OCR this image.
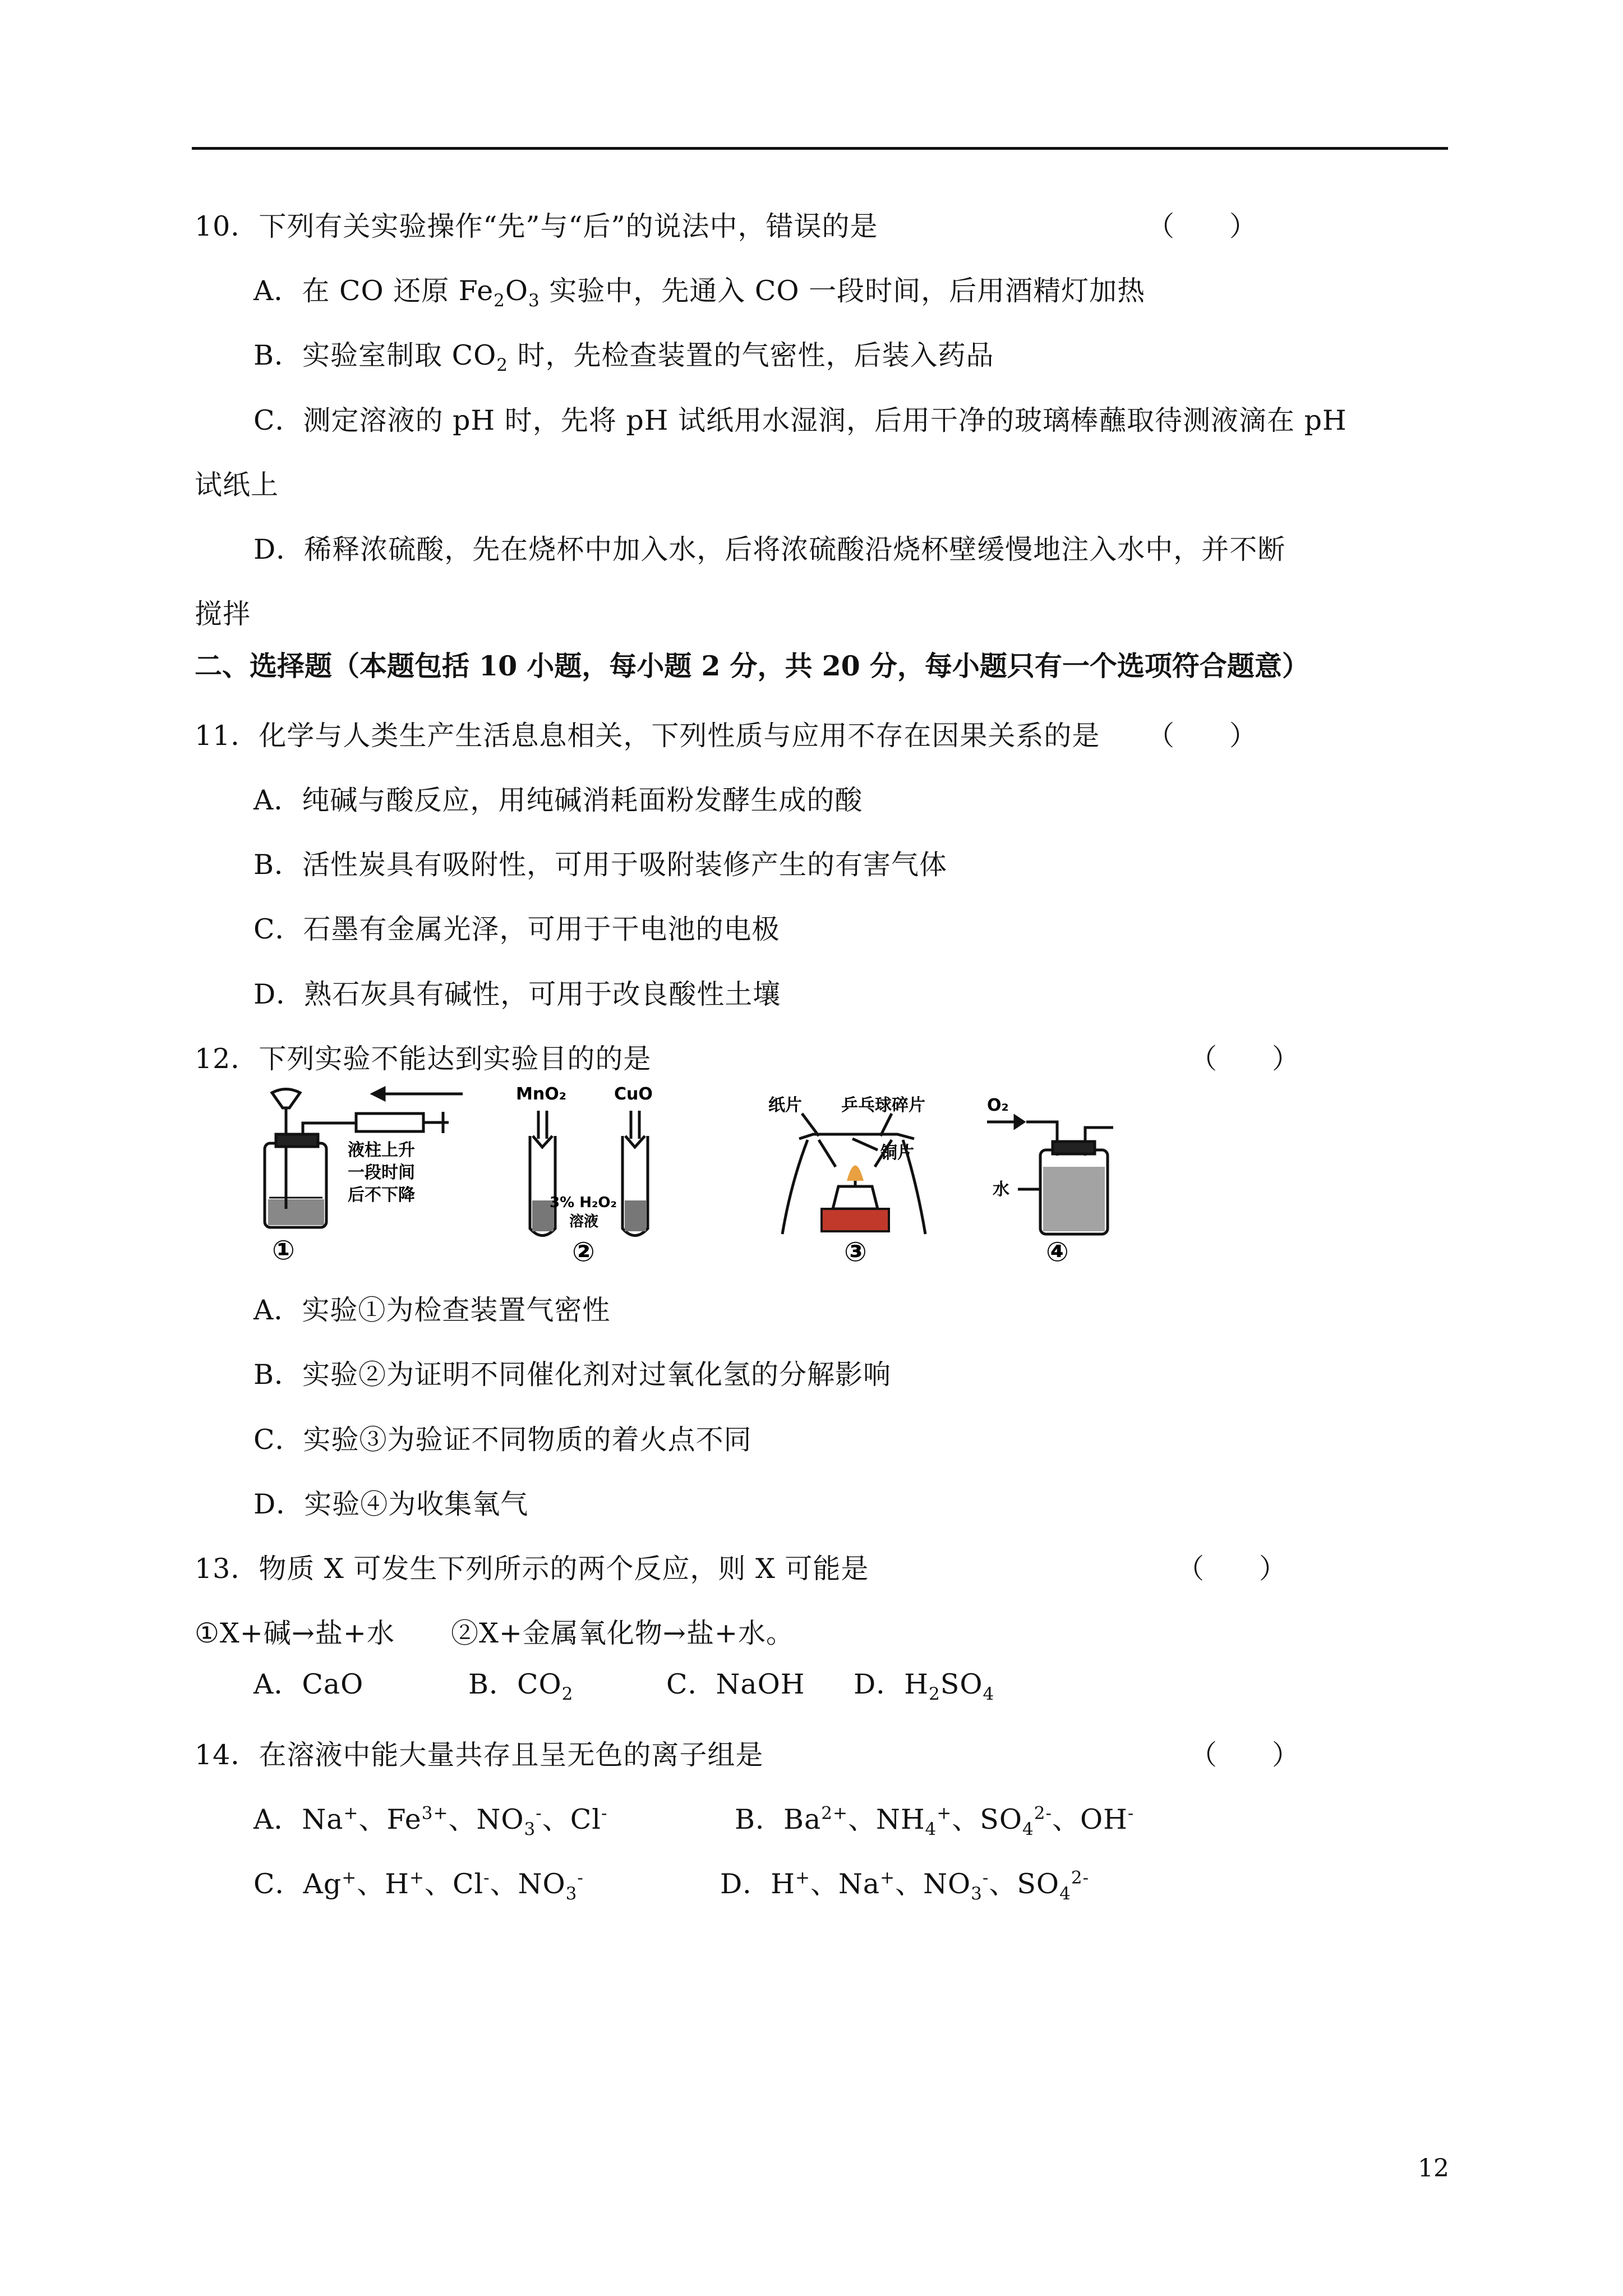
10．下列有关实验操作“先”与“后”的说法中，错误的是	（　　）
A．在 CO 还原 $Fe_2O_3$ 实验中，先通入 CO 一段时间，后用酒精灯加热
B．实验室制取 $CO_2$ 时，先检查装置的气密性，后装入药品
C．测定溶液的 pH 时，先将 pH 试纸用水湿润，后用干净的玻璃棒蘸取待测液滴在 pH
试纸上
D．稀释浓硫酸，先在烧杯中加入水，后将浓硫酸沿烧杯壁缓慢地注入水中，并不断
搅拌
二、选择题（本题包括 10 小题，每小题 2 分，共 20 分，每小题只有一个选项符合题意）
11．化学与人类生产生活息息相关，下列性质与应用不存在因果关系的是 （　　）
A．纯碱与酸反应，用纯碱消耗面粉发酵生成的酸
B．活性炭具有吸附性，可用于吸附装修产生的有害气体
C．石墨有金属光泽，可用于干电池的电极
D．熟石灰具有碱性，可用于改良酸性土壤
12．下列实验不能达到实验目的的是	（　　）
液柱上升
一段时间
后不下降
①
MnO₂	CuO
3% H₂O₂
溶液
②
纸片 乒乓球碎片
铜片
③
O₂
水
④
A．实验①为检查装置气密性
B．实验②为证明不同催化剂对过氧化氢的分解影响
C．实验③为验证不同物质的着火点不同
D．实验④为收集氧气
13．物质 X 可发生下列所示的两个反应，则 X 可能是	（　　）
①X+碱→盐+水　　②X+金属氧化物→盐+水。
A．CaO	B．$CO_2$	C．NaOH D．$H_2SO_4$
14．在溶液中能大量共存且呈无色的离子组是	（　　）
A．Na+、$Fe^{3+}$、$NO_3^-$、Cl-	B．$Ba^{2+}$、$NH_4^+$、$SO_4^{2-}$、OH-
C．Ag+、H+、Cl-、$NO_3^-$	D．H+、Na+、$NO_3^-$、$SO_4^{2-}$
12
